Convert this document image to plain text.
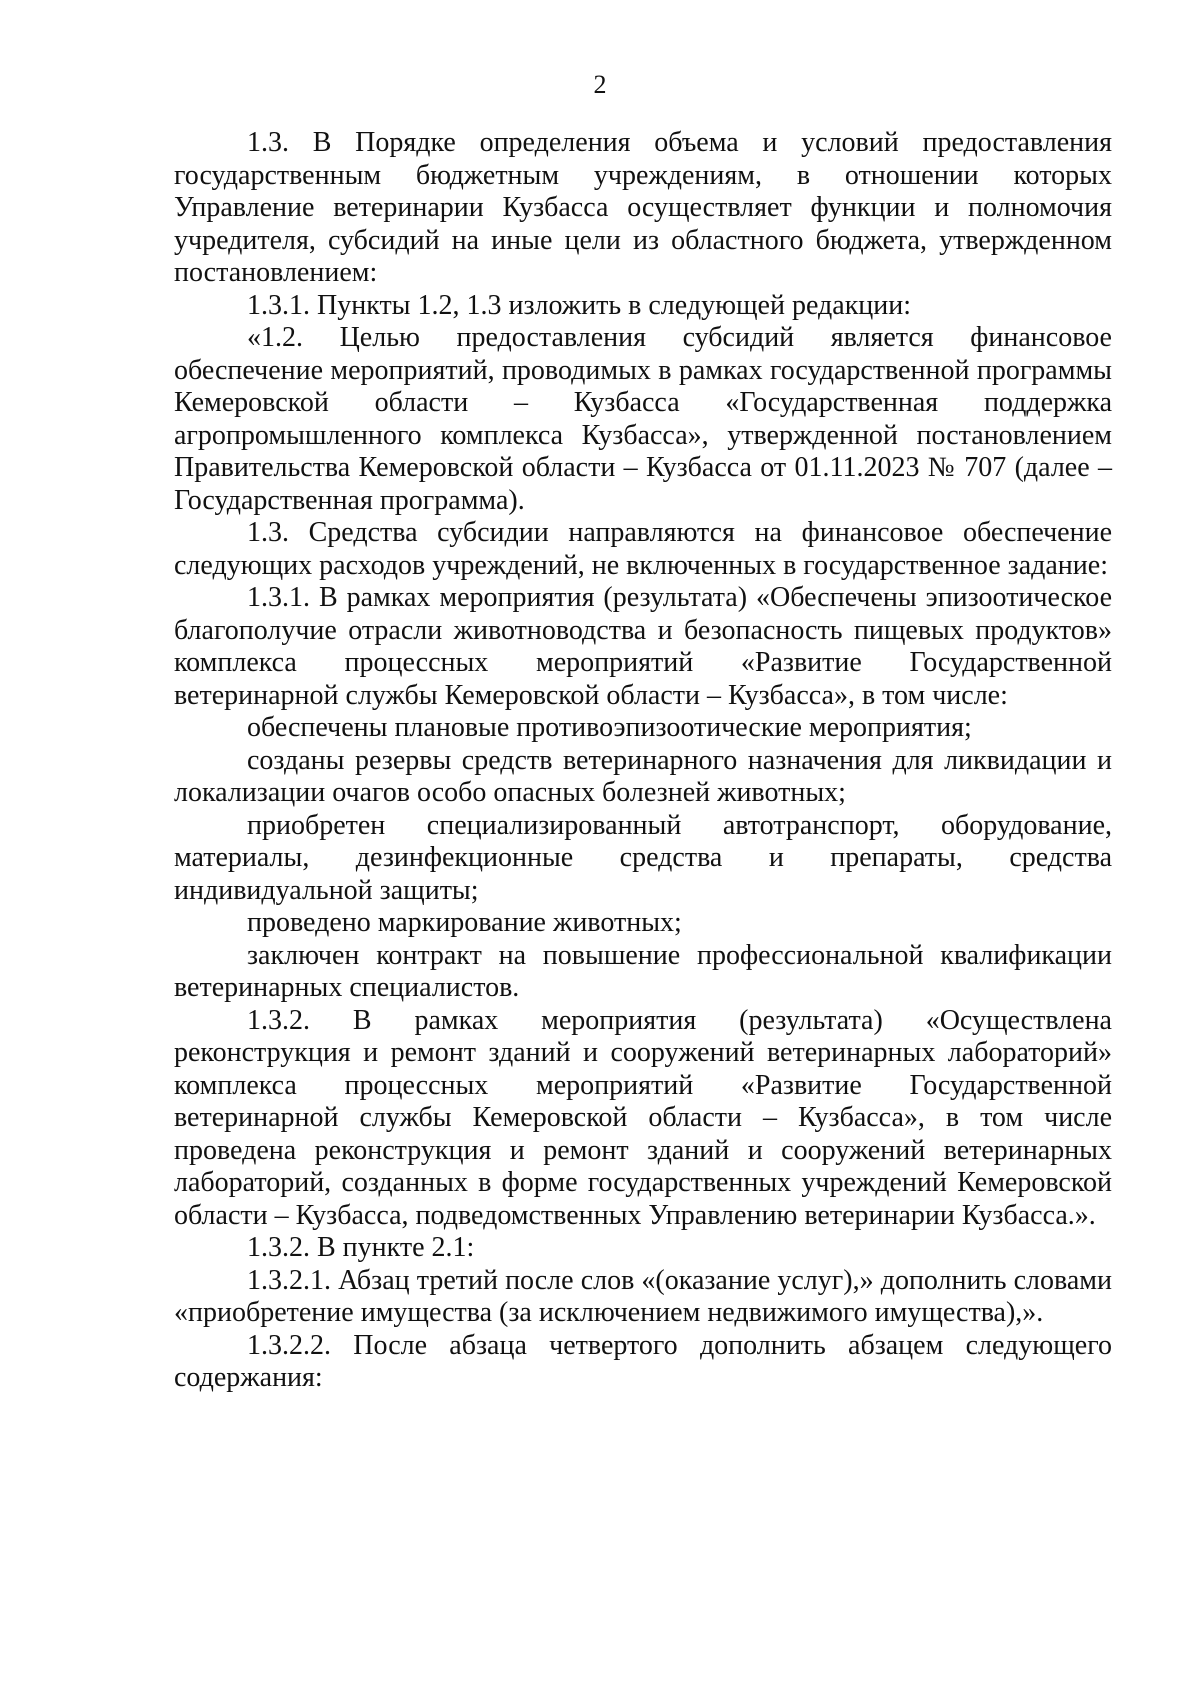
2

1.3. В Порядке определения объема и условий предоставления государственным бюджетным учреждениям, в отношении которых Управление ветеринарии Кузбасса осуществляет функции и полномочия учредителя, субсидий на иные цели из областного бюджета, утвержденном постановлением:

1.3.1. Пункты 1.2, 1.3 изложить в следующей редакции:

«1.2. Целью предоставления субсидий является финансовое обеспечение мероприятий, проводимых в рамках государственной программы Кемеровской области – Кузбасса «Государственная поддержка агропромышленного комплекса Кузбасса», утвержденной постановлением Правительства Кемеровской области – Кузбасса от 01.11.2023 № 707 (далее – Государственная программа).

1.3. Средства субсидии направляются на финансовое обеспечение следующих расходов учреждений, не включенных в государственное задание:

1.3.1. В рамках мероприятия (результата) «Обеспечены эпизоотическое благополучие отрасли животноводства и безопасность пищевых продуктов» комплекса процессных мероприятий «Развитие Государственной ветеринарной службы Кемеровской области – Кузбасса», в том числе:

обеспечены плановые противоэпизоотические мероприятия;

созданы резервы средств ветеринарного назначения для ликвидации и локализации очагов особо опасных болезней животных;

приобретен специализированный автотранспорт, оборудование, материалы, дезинфекционные средства и препараты, средства индивидуальной защиты;

проведено маркирование животных;

заключен контракт на повышение профессиональной квалификации ветеринарных специалистов.

1.3.2. В рамках мероприятия (результата) «Осуществлена реконструкция и ремонт зданий и сооружений ветеринарных лабораторий» комплекса процессных мероприятий «Развитие Государственной ветеринарной службы Кемеровской области – Кузбасса», в том числе проведена реконструкция и ремонт зданий и сооружений ветеринарных лабораторий, созданных в форме государственных учреждений Кемеровской области – Кузбасса, подведомственных Управлению ветеринарии Кузбасса.».

1.3.2. В пункте 2.1:

1.3.2.1. Абзац третий после слов «(оказание услуг),» дополнить словами «приобретение имущества (за исключением недвижимого имущества),».

1.3.2.2. После абзаца четвертого дополнить абзацем следующего содержания:
